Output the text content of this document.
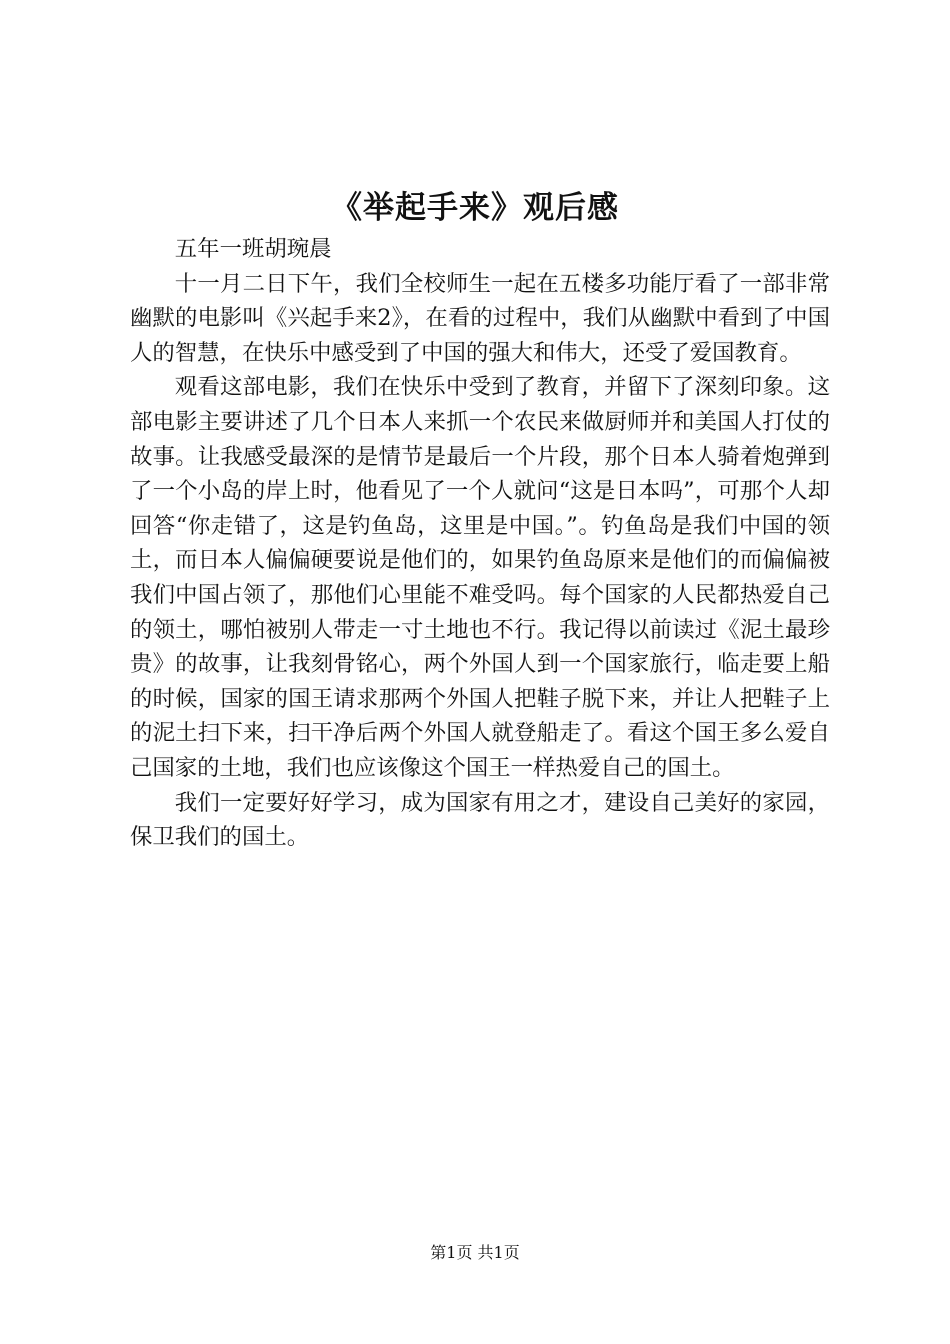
《举起手来》观后感

五年一班胡琬晨

十一月二日下午，我们全校师生一起在五楼多功能厅看了一部非常幽默的电影叫《兴起手来2》，在看的过程中，我们从幽默中看到了中国人的智慧，在快乐中感受到了中国的强大和伟大，还受了爱国教育。

观看这部电影，我们在快乐中受到了教育，并留下了深刻印象。这部电影主要讲述了几个日本人来抓一个农民来做厨师并和美国人打仗的故事。让我感受最深的是情节是最后一个片段，那个日本人骑着炮弹到了一个小岛的岸上时，他看见了一个人就问“这是日本吗”，可那个人却回答“你走错了，这是钓鱼岛，这里是中国。”。钓鱼岛是我们中国的领土，而日本人偏偏硬要说是他们的，如果钓鱼岛原来是他们的而偏偏被我们中国占领了，那他们心里能不难受吗。每个国家的人民都热爱自己的领土，哪怕被别人带走一寸土地也不行。我记得以前读过《泥土最珍贵》的故事，让我刻骨铭心，两个外国人到一个国家旅行，临走要上船的时候，国家的国王请求那两个外国人把鞋子脱下来，并让人把鞋子上的泥土扫下来，扫干净后两个外国人就登船走了。看这个国王多么爱自己国家的土地，我们也应该像这个国王一样热爱自己的国土。

我们一定要好好学习，成为国家有用之才，建设自己美好的家园，保卫我们的国土。

第1页 共1页
